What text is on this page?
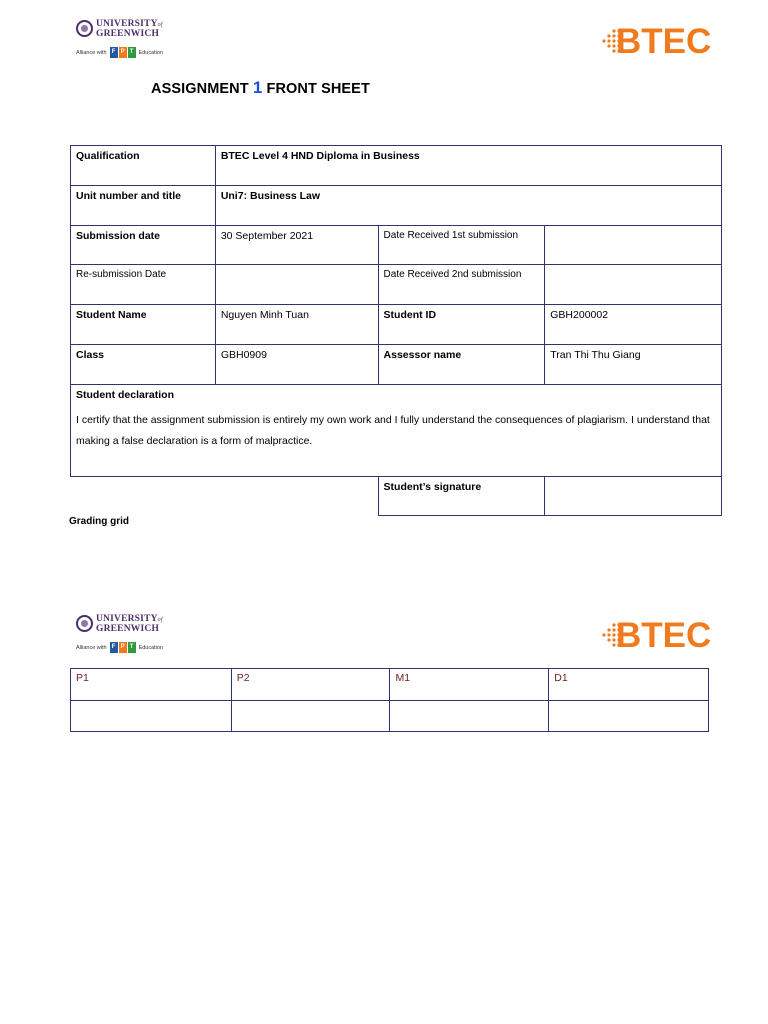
UNIVERSITYof
GREENWICH
Alliance with F P T Education	BTEC
ASSIGNMENT 1 FRONT SHEET
Qualification	BTEC Level 4 HND Diploma in Business		
Unit number and title	Uni7: Business Law		
Submission date	30 September 2021	Date Received 1st submission	
Re-submission Date		Date Received 2nd submission	
Student Name	Nguyen Minh Tuan	Student ID	GBH200002
Class	GBH0909	Assessor name	Tran Thi Thu Giang

Student declaration
I certify that the assignment submission is entirely my own work and I fully understand the consequences of plagiarism. I understand that making a false declaration is a form of malpractice.			

		Student’s signature	
Grading grid
UNIVERSITYof
GREENWICH
Alliance with F P T Education	BTEC
P1	P2	M1	D1
